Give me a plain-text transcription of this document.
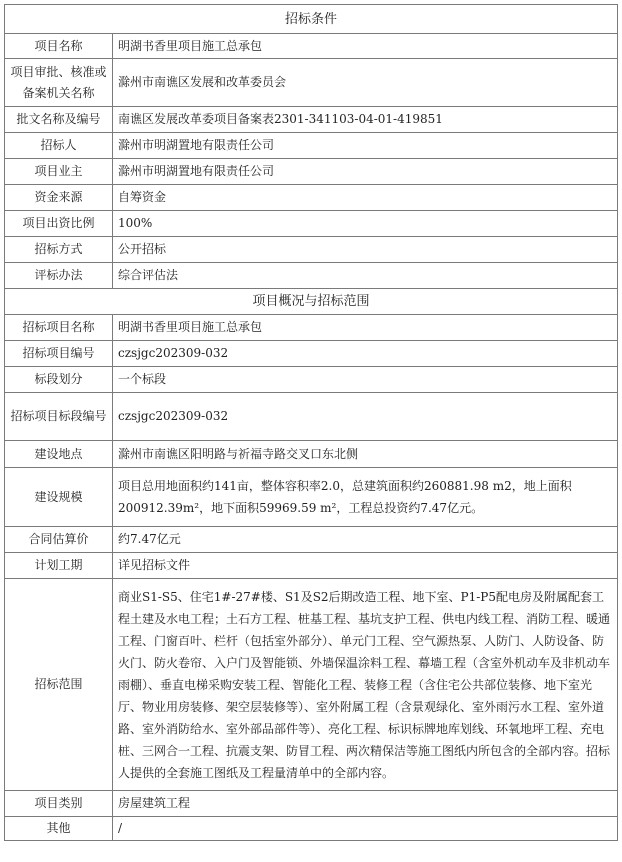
招标条件	
项目名称	明湖书香里项目施工总承包
项目审批、核准或备案机关名称	滁州市南谯区发展和改革委员会
批文名称及编号	南谯区发展改革委项目备案表2301-341103-04-01-419851
招标人	滁州市明湖置地有限责任公司
项目业主	滁州市明湖置地有限责任公司
资金来源	自筹资金
项目出资比例	100%
招标方式	公开招标
评标办法	综合评估法
项目概况与招标范围	
招标项目名称	明湖书香里项目施工总承包
招标项目编号	czsjgc202309-032
标段划分	一个标段
招标项目标段编号	czsjgc202309-032
建设地点	滁州市南谯区阳明路与祈福寺路交叉口东北侧
建设规模	项目总用地面积约141亩，整体容积率2.0，总建筑面积约260881.98 m2，地上面积200912.39m²，地下面积59969.59 m²，工程总投资约7.47亿元。
合同估算价	约7.47亿元
计划工期	详见招标文件
招标范围	商业S1-S5、住宅1#-27#楼、S1及S2后期改造工程、地下室、P1-P5配电房及附属配套工程土建及水电工程；土石方工程、桩基工程、基坑支护工程、供电内线工程、消防工程、暖通工程、门窗百叶、栏杆（包括室外部分）、单元门工程、空气源热泵、人防门、人防设备、防火门、防火卷帘、入户门及智能锁、外墙保温涂料工程、幕墙工程（含室外机动车及非机动车雨棚）、垂直电梯采购安装工程、智能化工程、装修工程（含住宅公共部位装修、地下室光厅、物业用房装修、架空层装修等）、室外附属工程（含景观绿化、室外雨污水工程、室外道路、室外消防给水、室外部品部件等）、亮化工程、标识标牌地库划线、环氧地坪工程、充电桩、三网合一工程、抗震支架、防冒工程、两次精保洁等施工图纸内所包含的全部内容。招标人提供的全套施工图纸及工程量清单中的全部内容。
项目类别	房屋建筑工程
其他	/
